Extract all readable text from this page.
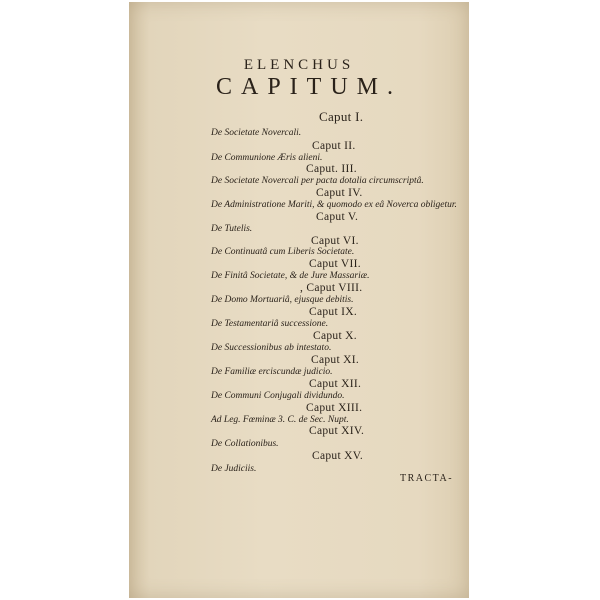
ELENCHUS
CAPITUM.
Caput I.
De Societate Novercali.
Caput II.
De Communione Æris alieni.
Caput. III.
De Societate Novercali per pacta dotalia circumscriptâ.
Caput IV.
De Administratione Mariti, & quomodo ex eâ Noverca obligetur.
Caput V.
De Tutelis.
Caput VI.
De Continuatâ cum Liberis Societate.
Caput VII.
De Finitâ Societate, & de Jure Massariæ.
, Caput VIII.
De Domo Mortuariâ, ejusque debitis.
Caput IX.
De Testamentariâ successione.
Caput X.
De Successionibus ab intestato.
Caput XI.
De Familiæ erciscundæ judicio.
Caput XII.
De Communi Conjugali dividundo.
Caput XIII.
Ad Leg. Fœminæ 3. C. de Sec. Nupt.
Caput XIV.
De Collationibus.
Caput XV.
De Judiciis.
TRACTA-
